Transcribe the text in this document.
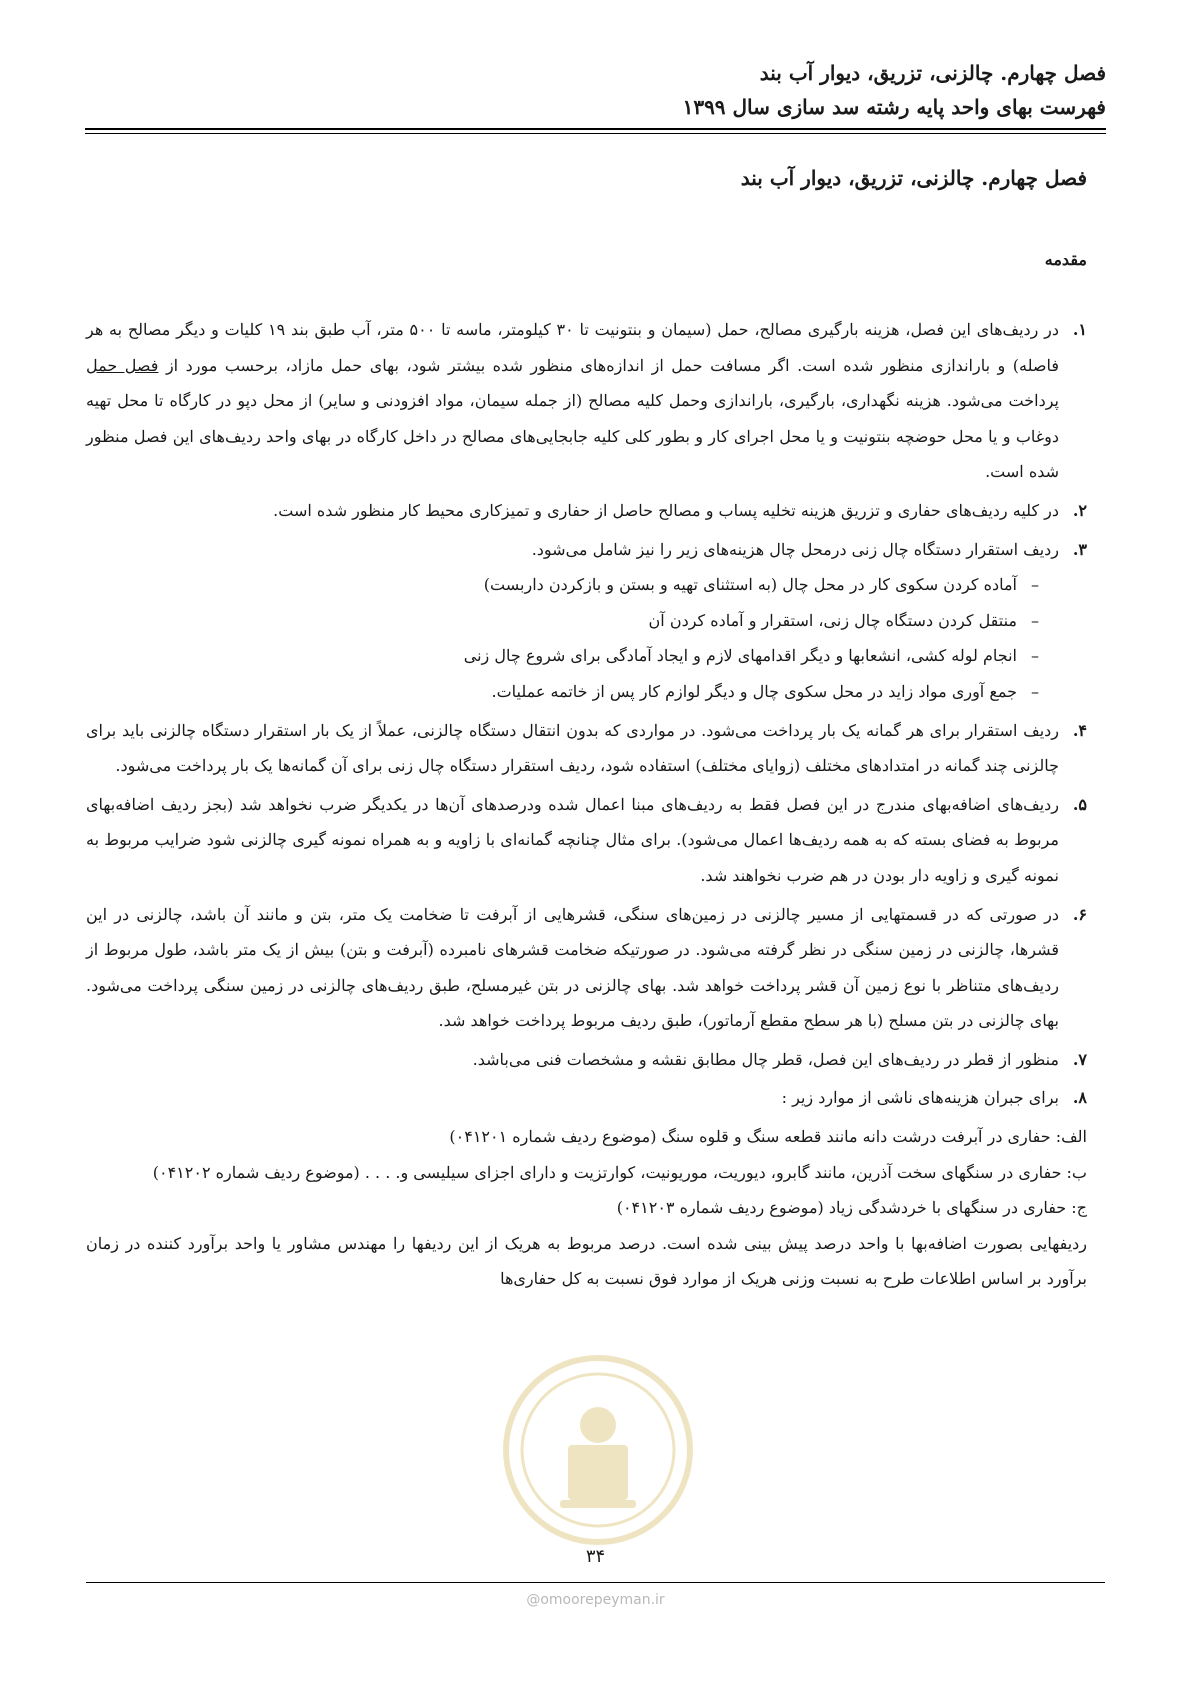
فصل چهارم. چالزنی، تزریق، دیوار آب بند
فهرست بهای واحد پایه رشته سد سازی سال ۱۳۹۹
فصل چهارم. چالزنی، تزریق، دیوار آب بند
مقدمه
۱.
در ردیف‌های این فصل، هزینه بارگیری مصالح، حمل (سیمان و بنتونیت تا ۳۰ کیلومتر، ماسه تا ۵۰۰ متر، آب طبق بند ۱۹ کلیات و دیگر مصالح به هر فاصله) و باراندازی منظور شده است. اگر مسافت حمل از اندازه‌های منظور شده بیشتر شود، بهای حمل مازاد، برحسب مورد از فصل حمل پرداخت می‌شود. هزینه نگهداری، بارگیری، باراندازی وحمل کلیه مصالح (از جمله سیمان، مواد افزودنی و سایر) از محل دپو در کارگاه تا محل تهیه دوغاب و یا محل حوضچه بنتونیت و یا محل اجرای کار و بطور کلی کلیه جابجایی‌های مصالح در داخل کارگاه در بهای واحد ردیف‌های این فصل منظور شده است.
۲.
در کلیه ردیف‌های حفاری و تزریق هزینه تخلیه پساب و مصالح حاصل از حفاری و تمیزکاری محیط کار منظور شده است.
۳.
ردیف استقرار دستگاه چال زنی درمحل چال هزینه‌های زیر را نیز شامل می‌شود.
–
آماده کردن سکوی کار در محل چال (به استثنای تهیه و بستن و بازکردن داربست)
–
منتقل کردن دستگاه چال زنی، استقرار و آماده کردن آن
–
انجام لوله کشی، انشعابها و دیگر اقدامهای لازم و ایجاد آمادگی برای شروع چال زنی
–
جمع آوری مواد زاید در محل سکوی چال و دیگر لوازم کار پس از خاتمه عملیات.
۴.
ردیف استقرار برای هر گمانه یک بار پرداخت می‌شود. در مواردی که بدون انتقال دستگاه چالزنی، عملاً از یک بار استقرار دستگاه چالزنی باید برای چالزنی چند گمانه در امتدادهای مختلف (زوایای مختلف) استفاده شود، ردیف استقرار دستگاه چال زنی برای آن گمانه‌ها یک بار پرداخت می‌شود.
۵.
ردیف‌های اضافه‌بهای مندرج در این فصل فقط به ردیف‌های مبنا اعمال شده ودرصدهای آن‌ها در یکدیگر ضرب نخواهد شد (بجز ردیف اضافه‌بهای مربوط به فضای بسته که به همه ردیف‌ها اعمال می‌شود). برای مثال چنانچه گمانه‌ای با زاویه و به همراه نمونه گیری چالزنی شود ضرایب مربوط به نمونه گیری و زاویه دار بودن در هم ضرب نخواهند شد.
۶.
در صورتی که در قسمتهایی از مسیر چالزنی در زمین‌های سنگی، قشرهایی از آبرفت تا ضخامت یک متر، بتن و مانند آن باشد، چالزنی در این قشرها، چالزنی در زمین سنگی در نظر گرفته می‌شود. در صورتیکه ضخامت قشرهای نامبرده (آبرفت و بتن) بیش از یک متر باشد، طول مربوط از ردیف‌های متناظر با نوع زمین آن قشر پرداخت خواهد شد. بهای چالزنی در بتن غیرمسلح، طبق ردیف‌های چالزنی در زمین سنگی پرداخت می‌شود. بهای چالزنی در بتن مسلح (با هر سطح مقطع آرماتور)، طبق ردیف مربوط پرداخت خواهد شد.
۷.
منظور از قطر در ردیف‌های این فصل، قطر چال مطابق نقشه و مشخصات فنی می‌باشد.
۸.
برای جبران هزینه‌های ناشی از موارد زیر :

الف: حفاری در آبرفت درشت دانه مانند قطعه سنگ و قلوه سنگ (موضوع ردیف شماره ۰۴۱۲۰۱)

ب: حفاری در سنگهای سخت آذرین، مانند گابرو، دیوریت، موریونیت، کوارتزیت و دارای اجزای سیلیسی و. . . . (موضوع ردیف شماره ۰۴۱۲۰۲)

ج: حفاری در سنگهای با خردشدگی زیاد (موضوع ردیف شماره ۰۴۱۲۰۳)

ردیفهایی بصورت اضافه‌بها با واحد درصد پیش بینی شده است. درصد مربوط به هریک از این ردیفها را مهندس مشاور یا واحد برآورد کننده در زمان برآورد بر اساس اطلاعات طرح به نسبت وزنی هریک از موارد فوق نسبت به کل حفاری‌ها

۳۴
@omoorepeyman.ir
